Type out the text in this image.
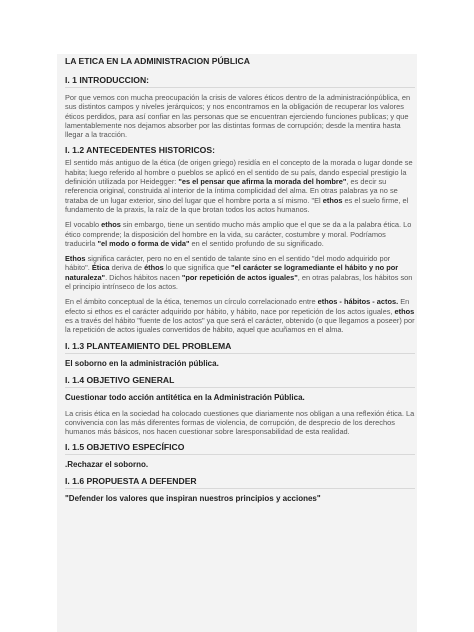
LA ETICA EN LA ADMINISTRACION PÚBLICA
I. 1 INTRODUCCION:

Por que vemos con mucha preocupación la crisis de valores éticos dentro de la administraciónpública, en sus distintos campos y niveles jerárquicos; y nos encontramos en la obligación de recuperar los valores éticos perdidos, para así confiar en las personas que se encuentran ejerciendo funciones publicas; y que lamentablemente nos dejamos absorber por las distintas formas de corrupción; desde la mentira hasta llegar a la tracción.

I. 1.2 ANTECEDENTES HISTORICOS:

El sentido más antiguo de la ética (de origen griego) residía en el concepto de la morada o lugar donde se habita; luego referido al hombre o pueblos se aplicó en el sentido de su país, dando especial prestigio la definición utilizada por Heidegger: "es el pensar que afirma la morada del hombre", es decir su referencia original, construida al interior de la íntima complicidad del alma. En otras palabras ya no se trataba de un lugar exterior, sino del lugar que el hombre porta a sí mismo. "El ethos es el suelo firme, el fundamento de la praxis, la raíz de la que brotan todos los actos humanos.

El vocablo ethos sin embargo, tiene un sentido mucho más amplio que el que se da a la palabra ética. Lo ético comprende; la disposición del hombre en la vida, su carácter, costumbre y moral. Podríamos traducirla "el modo o forma de vida" en el sentido profundo de su significado.

Ethos significa carácter, pero no en el sentido de talante sino en el sentido "del modo adquirido por hábito". Ética deriva de éthos lo que significa que "el carácter se logramediante el hábito y no por naturaleza". Dichos hábitos nacen "por repetición de actos iguales", en otras palabras, los hábitos son el principio intrínseco de los actos.

En el ámbito conceptual de la ética, tenemos un círculo correlacionado entre ethos - hábitos - actos. En efecto si ethos es el carácter adquirido por hábito, y hábito, nace por repetición de los actos iguales, ethos es a través del hábito "fuente de los actos" ya que será el carácter, obtenido (o que llegamos a poseer) por la repetición de actos iguales convertidos de hábito, aquel que acuñamos en el alma.

I. 1.3 PLANTEAMIENTO DEL PROBLEMA
El soborno en la administración pública.
I. 1.4 OBJETIVO GENERAL
Cuestionar todo acción antitética en la Administración Pública.

La crisis ética en la sociedad ha colocado cuestiones que diariamente nos obligan a una reflexión ética. La convivencia con las más diferentes formas de violencia, de corrupción, de desprecio de los derechos humanos más básicos, nos hacen cuestionar sobre laresponsabilidad de esta realidad.

I. 1.5 OBJETIVO ESPECÍFICO
.Rechazar el soborno.
I. 1.6 PROPUESTA A DEFENDER
"Defender los valores que inspiran nuestros principios y acciones"
